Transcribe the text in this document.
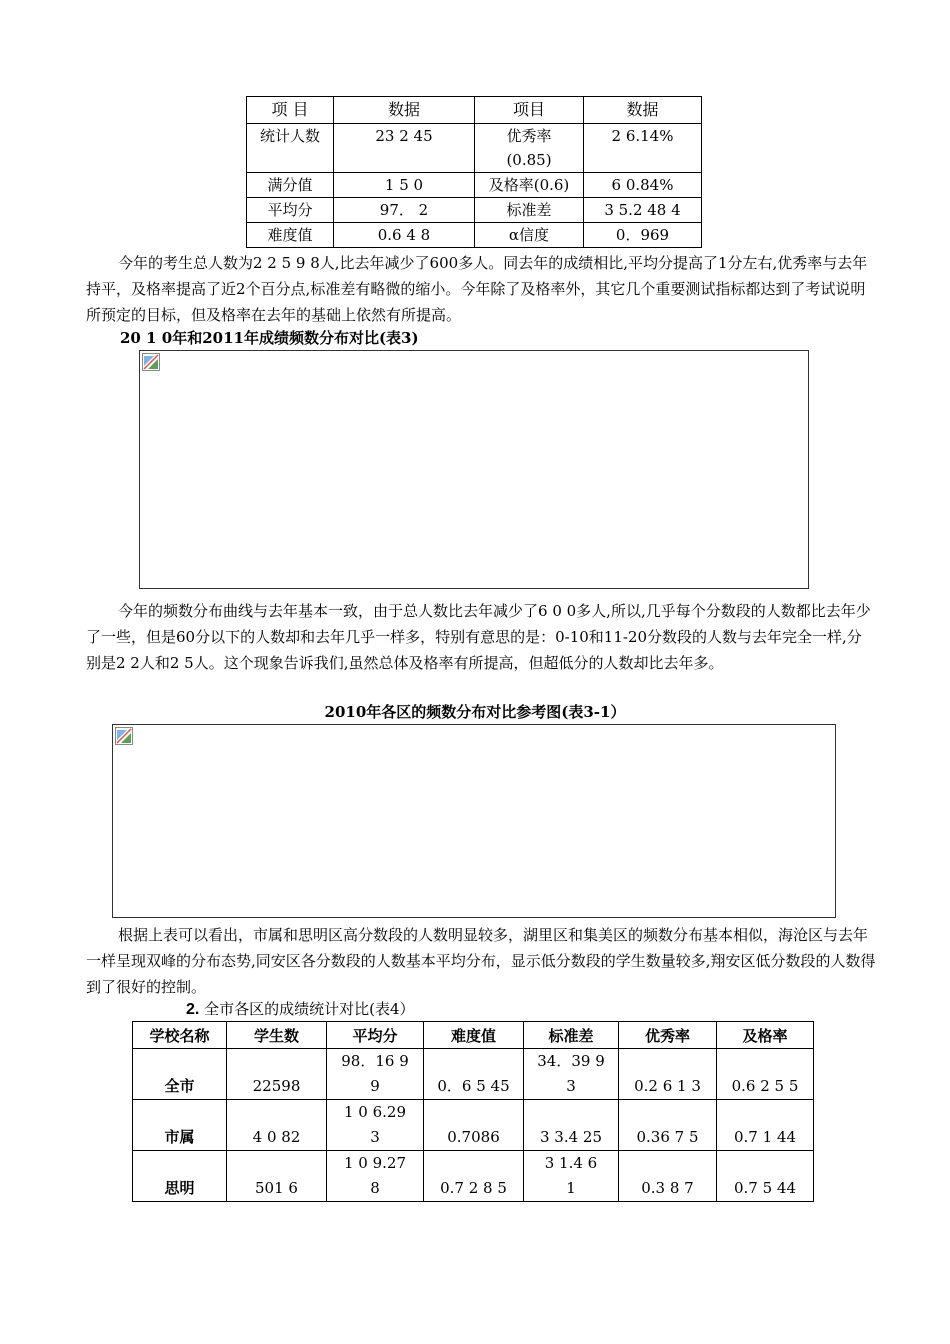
项 目	数据	项目	数据
统计人数	23 2 45	优秀率(0.85)	2 6.14%
满分值	1 5 0	及格率(0.6)	6 0.84%
平均分	97． 2	标准差	3 5.2 48 4
难度值	0.6 4 8	α信度	0．969
今年的考生总人数为2 2 5 9 8人,比去年减少了600多人。同去年的成绩相比,平均分提高了1分左右,优秀率与去年持平，及格率提高了近2个百分点,标准差有略微的缩小。今年除了及格率外，其它几个重要测试指标都达到了考试说明所预定的目标，但及格率在去年的基础上依然有所提高。
20 1 0年和2011年成绩频数分布对比(表3)
今年的频数分布曲线与去年基本一致，由于总人数比去年减少了6 0 0多人,所以,几乎每个分数段的人数都比去年少了一些，但是60分以下的人数却和去年几乎一样多，特别有意思的是：0-10和11-20分数段的人数与去年完全一样,分别是2 2人和2 5人。这个现象告诉我们,虽然总体及格率有所提高，但超低分的人数却比去年多。
2010年各区的频数分布对比参考图(表3-1）
根据上表可以看出，市属和思明区高分数段的人数明显较多，湖里区和集美区的频数分布基本相似，海沧区与去年一样呈现双峰的分布态势,同安区各分数段的人数基本平均分布，显示低分数段的学生数量较多,翔安区低分数段的人数得到了很好的控制。
2. 全市各区的成绩统计对比(表4）
学校名称	学生数	平均分	难度值	标准差	优秀率	及格率
全市	22598	98．16 9 9	0．6 5 45	34．39 9 3	0.2 6 1 3	0.6 2 5 5
市属	4 0 82	1 0 6.29 3	0.7086	3 3.4 25	0.36 7 5	0.7 1 44
思明	501 6	1 0 9.27 8	0.7 2 8 5	3 1.4 6 1	0.3 8 7	0.7 5 44
